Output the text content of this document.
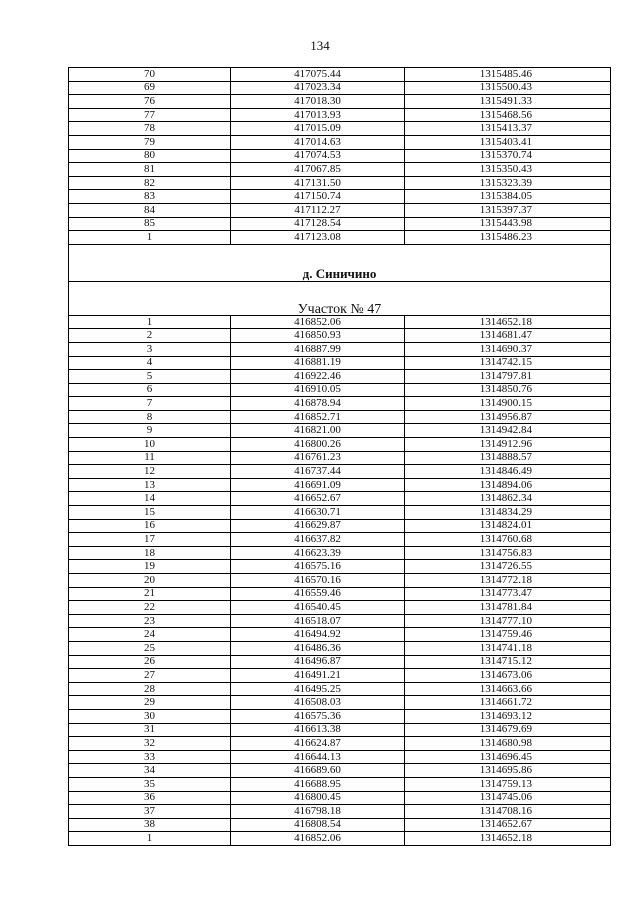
134
70	417075.44	1315485.46
69	417023.34	1315500.43
76	417018.30	1315491.33
77	417013.93	1315468.56
78	417015.09	1315413.37
79	417014.63	1315403.41
80	417074.53	1315370.74
81	417067.85	1315350.43
82	417131.50	1315323.39
83	417150.74	1315384.05
84	417112.27	1315397.37
85	417128.54	1315443.98
1	417123.08	1315486.23
д. Синичино		
Участок № 47		
1	416852.06	1314652.18
2	416850.93	1314681.47
3	416887.99	1314690.37
4	416881.19	1314742.15
5	416922.46	1314797.81
6	416910.05	1314850.76
7	416878.94	1314900.15
8	416852.71	1314956.87
9	416821.00	1314942.84
10	416800.26	1314912.96
11	416761.23	1314888.57
12	416737.44	1314846.49
13	416691.09	1314894.06
14	416652.67	1314862.34
15	416630.71	1314834.29
16	416629.87	1314824.01
17	416637.82	1314760.68
18	416623.39	1314756.83
19	416575.16	1314726.55
20	416570.16	1314772.18
21	416559.46	1314773.47
22	416540.45	1314781.84
23	416518.07	1314777.10
24	416494.92	1314759.46
25	416486.36	1314741.18
26	416496.87	1314715.12
27	416491.21	1314673.06
28	416495.25	1314663.66
29	416508.03	1314661.72
30	416575.36	1314693.12
31	416613.38	1314679.69
32	416624.87	1314680.98
33	416644.13	1314696.45
34	416689.60	1314695.86
35	416688.95	1314759.13
36	416800.45	1314745.06
37	416798.18	1314708.16
38	416808.54	1314652.67
1	416852.06	1314652.18
